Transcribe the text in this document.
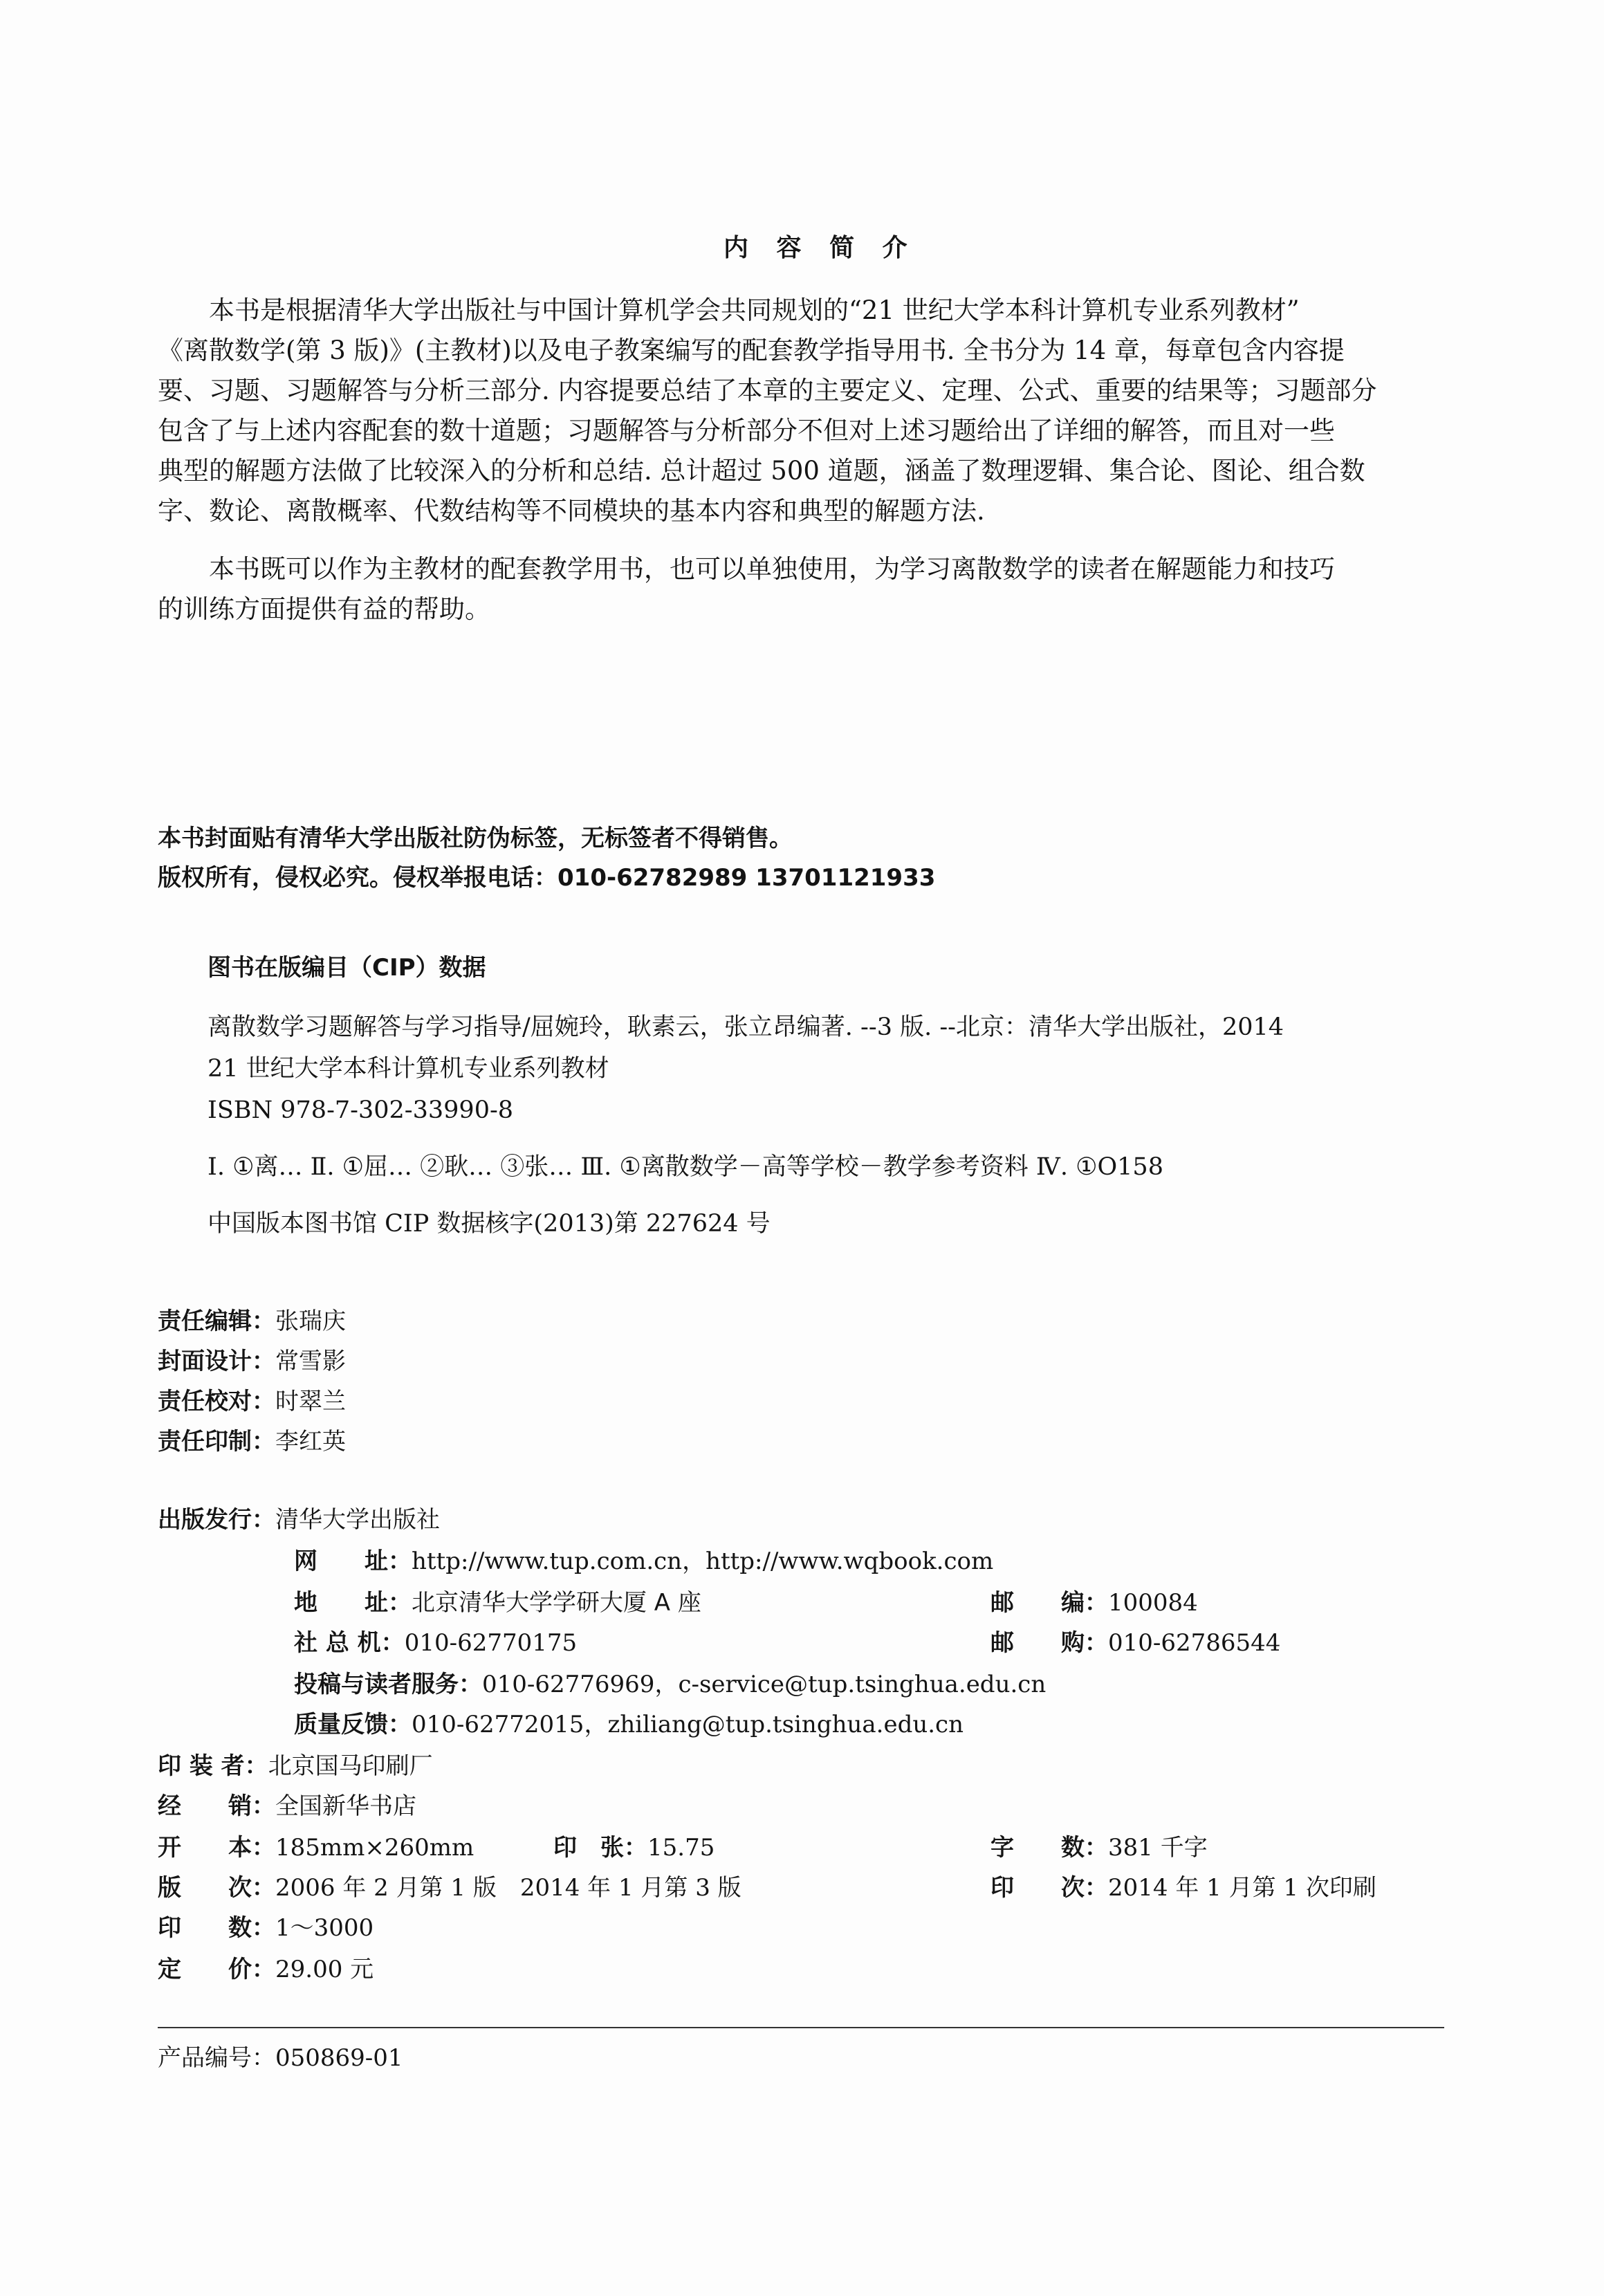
内 容 简 介
本书是根据清华大学出版社与中国计算机学会共同规划的“21 世纪大学本科计算机专业系列教材”
《离散数学(第 3 版)》(主教材)以及电子教案编写的配套教学指导用书. 全书分为 14 章，每章包含内容提
要、习题、习题解答与分析三部分. 内容提要总结了本章的主要定义、定理、公式、重要的结果等；习题部分
包含了与上述内容配套的数十道题；习题解答与分析部分不但对上述习题给出了详细的解答，而且对一些
典型的解题方法做了比较深入的分析和总结. 总计超过 500 道题，涵盖了数理逻辑、集合论、图论、组合数
字、数论、离散概率、代数结构等不同模块的基本内容和典型的解题方法.
本书既可以作为主教材的配套教学用书，也可以单独使用，为学习离散数学的读者在解题能力和技巧
的训练方面提供有益的帮助。
本书封面贴有清华大学出版社防伪标签，无标签者不得销售。
版权所有，侵权必究。侵权举报电话：010-62782989 13701121933
图书在版编目（CIP）数据
离散数学习题解答与学习指导/屈婉玲，耿素云，张立昂编著. --3 版. --北京：清华大学出版社，2014
21 世纪大学本科计算机专业系列教材
ISBN 978-7-302-33990-8
Ⅰ. ①离… Ⅱ. ①屈… ②耿… ③张… Ⅲ. ①离散数学－高等学校－教学参考资料 Ⅳ. ①O158
中国版本图书馆 CIP 数据核字(2013)第 227624 号
责任编辑：张瑞庆
封面设计：常雪影
责任校对：时翠兰
责任印制：李红英
出版发行：清华大学出版社
网　　址：http://www.tup.com.cn，http://www.wqbook.com
地　　址：北京清华大学学研大厦 A 座	邮　　编：100084
社 总 机：010-62770175	邮　　购：010-62786544
投稿与读者服务：010-62776969，c-service@tup.tsinghua.edu.cn
质量反馈：010-62772015，zhiliang@tup.tsinghua.edu.cn
印 装 者：北京国马印刷厂
经　　销：全国新华书店
开　　本：185mm×260mm	印　张：15.75	字　　数：381 千字
版　　次：2006 年 2 月第 1 版　2014 年 1 月第 3 版	印　　次：2014 年 1 月第 1 次印刷
印　　数：1～3000
定　　价：29.00 元
产品编号：050869-01
